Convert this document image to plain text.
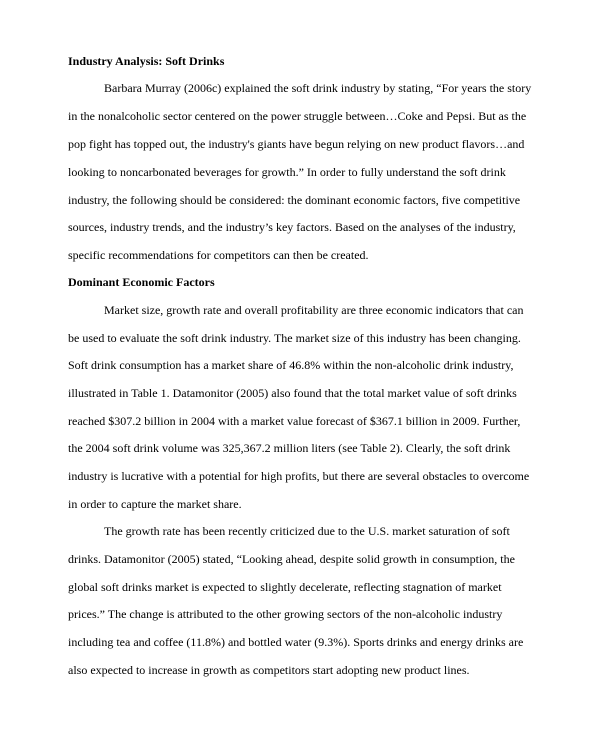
Industry Analysis: Soft Drinks
Barbara Murray (2006c) explained the soft drink industry by stating, “For years the story
in the nonalcoholic sector centered on the power struggle between…Coke and Pepsi. But as the
pop fight has topped out, the industry's giants have begun relying on new product flavors…and
looking to noncarbonated beverages for growth.” In order to fully understand the soft drink
industry, the following should be considered: the dominant economic factors, five competitive
sources, industry trends, and the industry’s key factors. Based on the analyses of the industry,
specific recommendations for competitors can then be created.
Dominant Economic Factors
Market size, growth rate and overall profitability are three economic indicators that can
be used to evaluate the soft drink industry. The market size of this industry has been changing.
Soft drink consumption has a market share of 46.8% within the non-alcoholic drink industry,
illustrated in Table 1. Datamonitor (2005) also found that the total market value of soft drinks
reached $307.2 billion in 2004 with a market value forecast of $367.1 billion in 2009. Further,
the 2004 soft drink volume was 325,367.2 million liters (see Table 2). Clearly, the soft drink
industry is lucrative with a potential for high profits, but there are several obstacles to overcome
in order to capture the market share.
The growth rate has been recently criticized due to the U.S. market saturation of soft
drinks. Datamonitor (2005) stated, “Looking ahead, despite solid growth in consumption, the
global soft drinks market is expected to slightly decelerate, reflecting stagnation of market
prices.” The change is attributed to the other growing sectors of the non-alcoholic industry
including tea and coffee (11.8%) and bottled water (9.3%). Sports drinks and energy drinks are
also expected to increase in growth as competitors start adopting new product lines.
